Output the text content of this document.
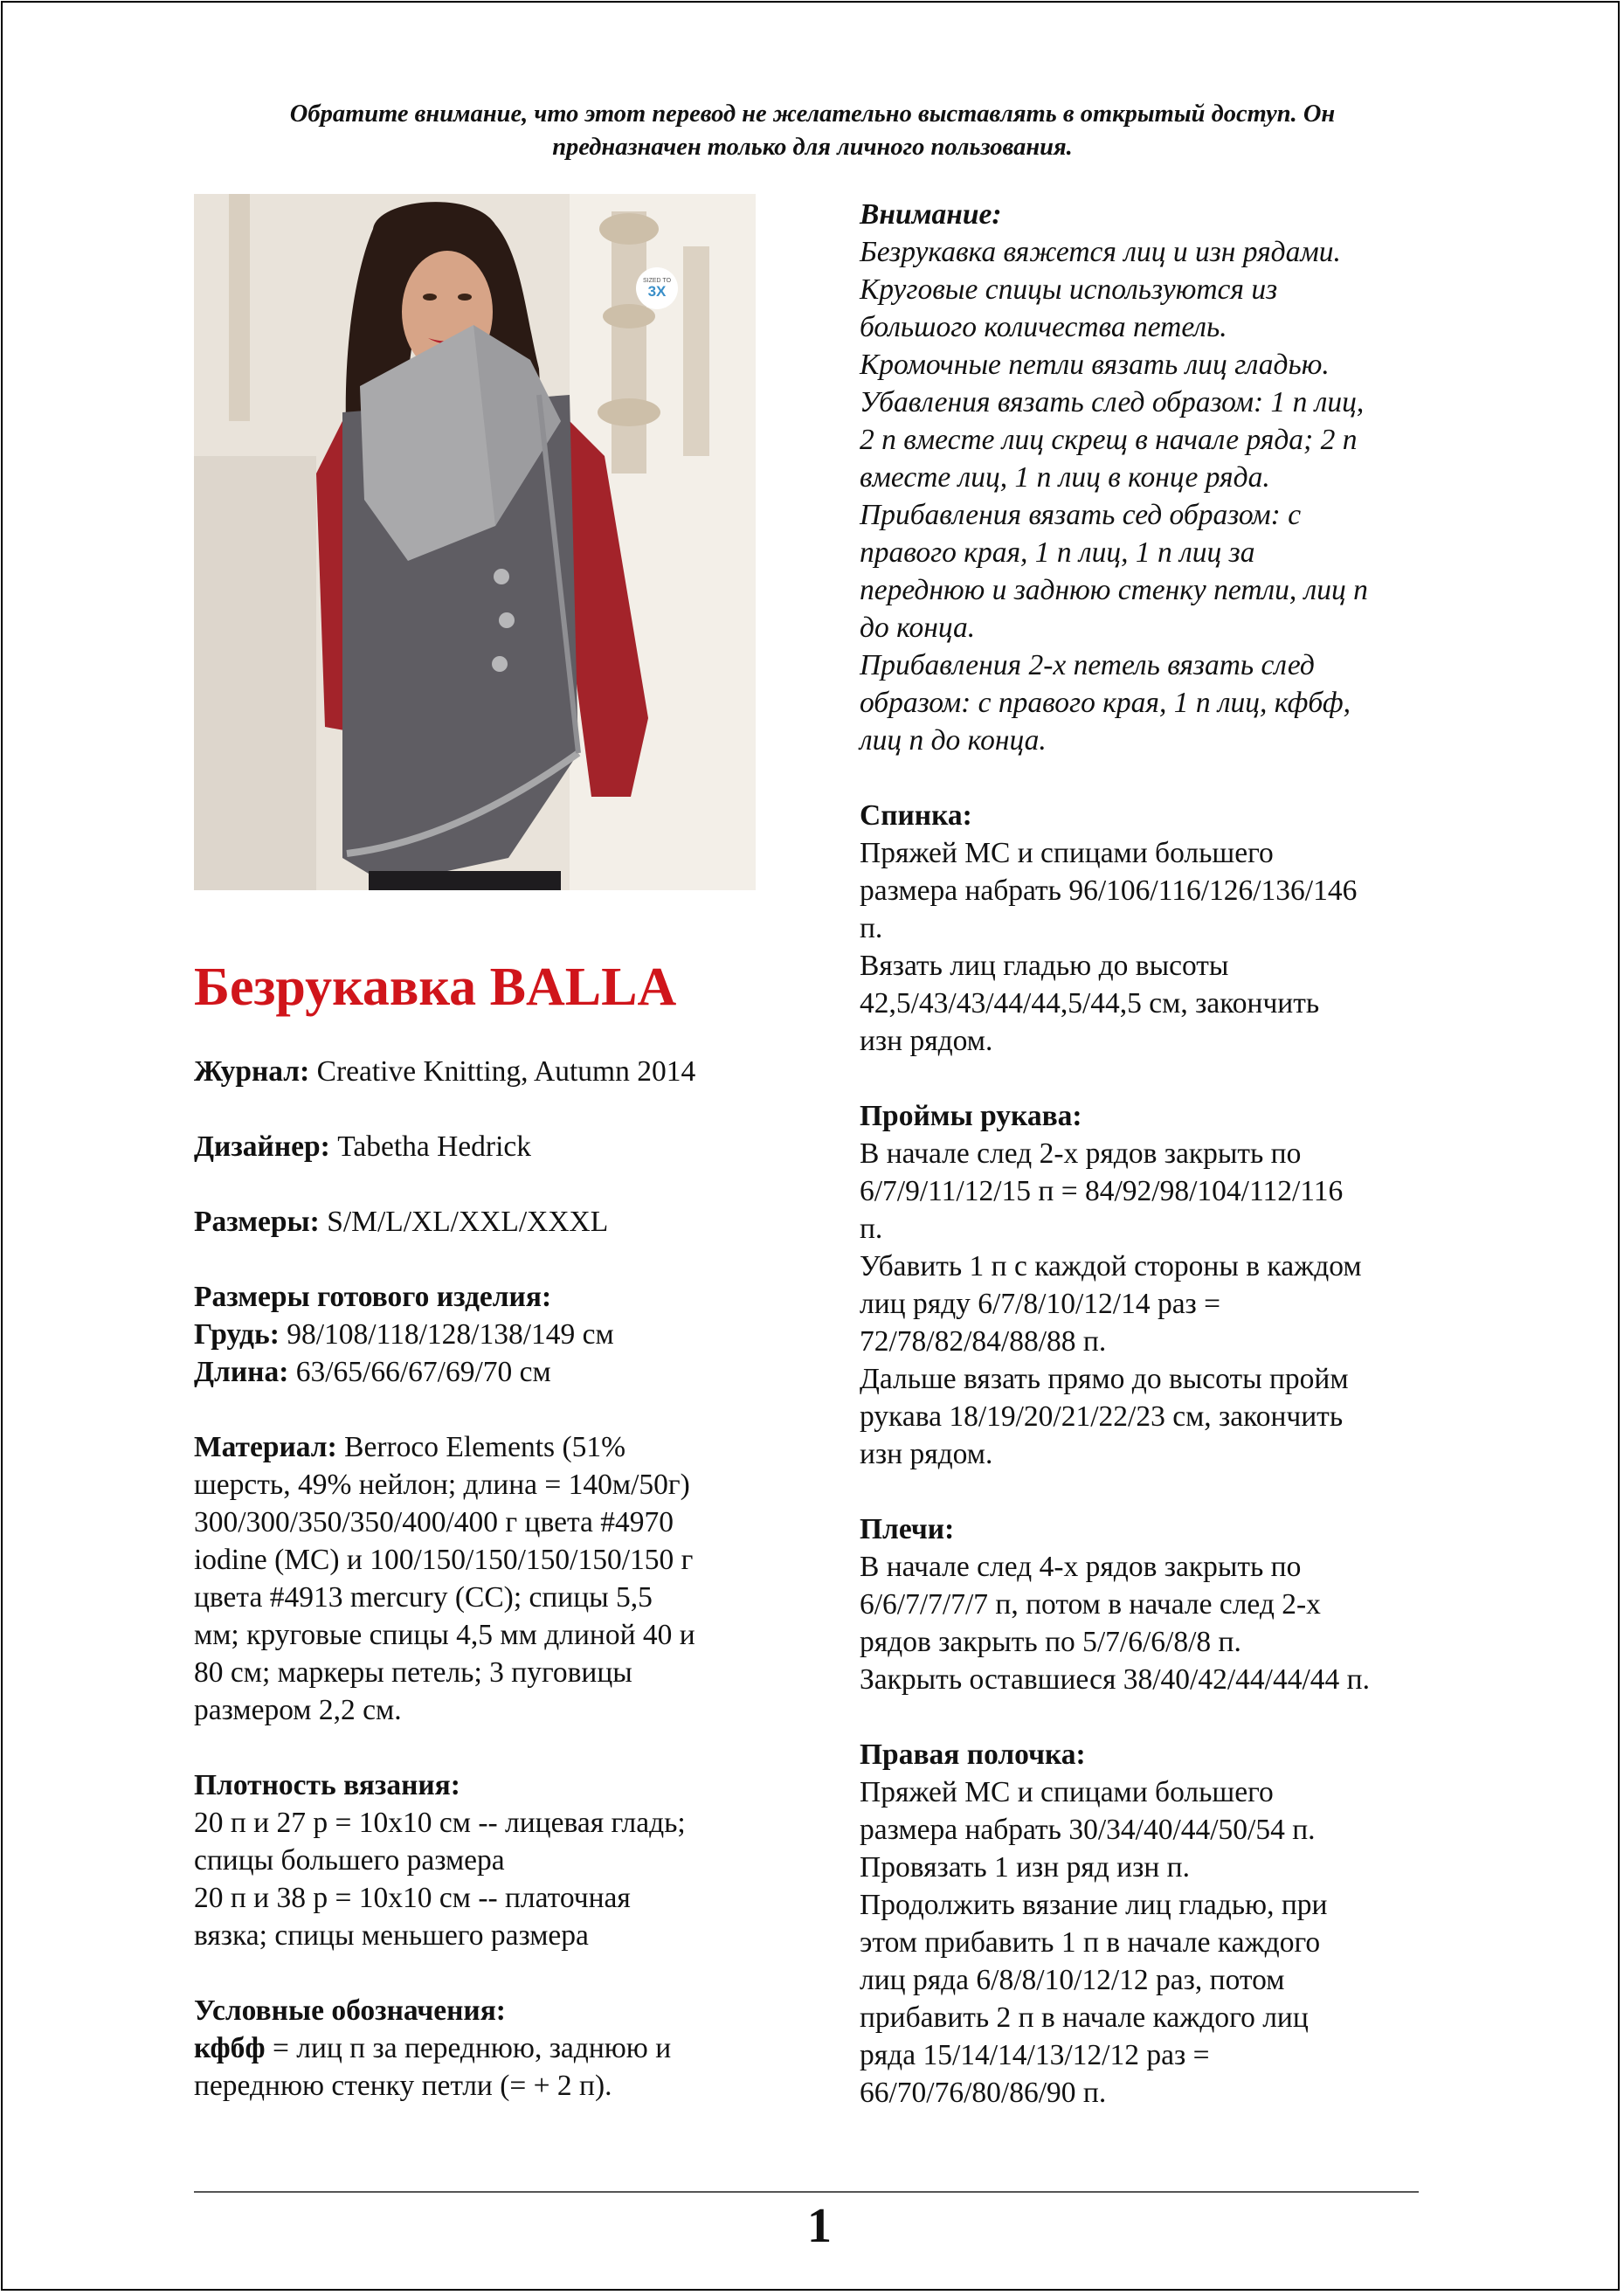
Обратите внимание, что этот перевод не желательно выставлять в открытый доступ. Он
предназначен только для личного пользования.
SIZED TO
3X
Безрукавка BALLA
Журнал: Creative Knitting, Autumn 2014
Дизайнер: Tabetha Hedrick
Размеры: S/M/L/XL/XXL/XXXL
Размеры готового изделия:
Грудь: 98/108/118/128/138/149 см
Длина: 63/65/66/67/69/70 см
Материал: Berroco Elements (51%
шерсть, 49% нейлон; длина = 140м/50г)
300/300/350/350/400/400 г цвета #4970
iodine (MC) и 100/150/150/150/150/150 г
цвета #4913 mercury (CC); спицы 5,5
мм; круговые спицы 4,5 мм длиной 40 и
80 см; маркеры петель; 3 пуговицы
размером 2,2 см.
Плотность вязания:
20 п и 27 р = 10x10 см -- лицевая гладь;
спицы большего размера
20 п и 38 р = 10x10 см -- платочная
вязка; спицы меньшего размера
Условные обозначения:
кфбф = лиц п за переднюю, заднюю и
переднюю стенку петли (= + 2 п).
Внимание:
Безрукавка вяжется лиц и изн рядами.
Круговые спицы используются из
большого количества петель.
Кромочные петли вязать лиц гладью.
Убавления вязать след образом: 1 п лиц,
2 п вместе лиц скрещ в начале ряда; 2 п
вместе лиц, 1 п лиц в конце ряда.
Прибавления вязать сед образом: с
правого края, 1 п лиц, 1 п лиц за
переднюю и заднюю стенку петли, лиц п
до конца.
Прибавления 2-х петель вязать след
образом: с правого края, 1 п лиц, кфбф,
лиц п до конца.
Спинка:
Пряжей МС и спицами большего
размера набрать 96/106/116/126/136/146
п.
Вязать лиц гладью до высоты
42,5/43/43/44/44,5/44,5 см, закончить
изн рядом.
Проймы рукава:
В начале след 2-х рядов закрыть по
6/7/9/11/12/15 п = 84/92/98/104/112/116
п.
Убавить 1 п с каждой стороны в каждом
лиц ряду 6/7/8/10/12/14 раз =
72/78/82/84/88/88 п.
Дальше вязать прямо до высоты пройм
рукава 18/19/20/21/22/23 см, закончить
изн рядом.
Плечи:
В начале след 4-х рядов закрыть по
6/6/7/7/7/7 п, потом в начале след 2-х
рядов закрыть по 5/7/6/6/8/8 п.
Закрыть оставшиеся 38/40/42/44/44/44 п.
Правая полочка:
Пряжей МС и спицами большего
размера набрать 30/34/40/44/50/54 п.
Провязать 1 изн ряд изн п.
Продолжить вязание лиц гладью, при
этом прибавить 1 п в начале каждого
лиц ряда 6/8/8/10/12/12 раз, потом
прибавить 2 п в начале каждого лиц
ряда 15/14/14/13/12/12 раз =
66/70/76/80/86/90 п.
1
